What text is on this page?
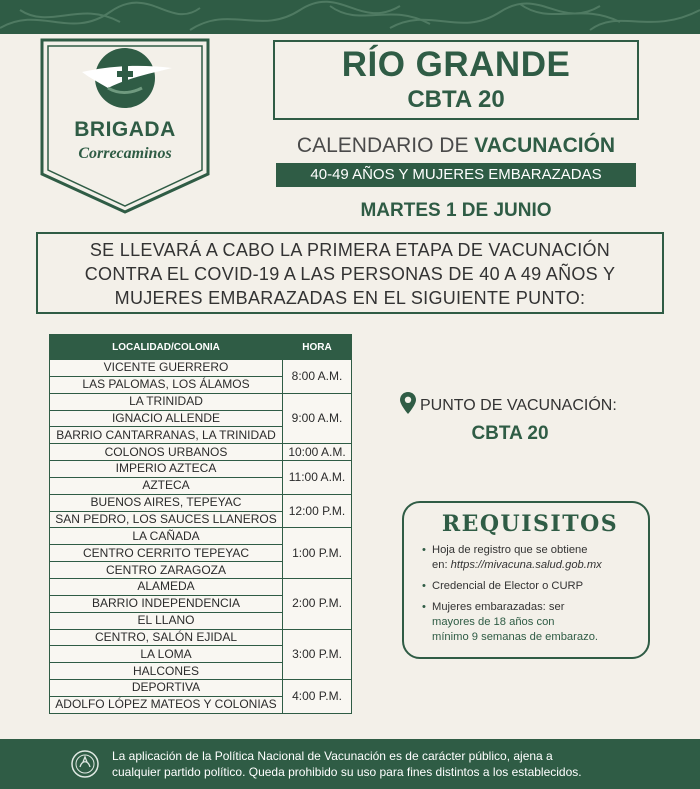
BRIGADA
Correcaminos
RÍO GRANDE
CBTA 20
CALENDARIO DE VACUNACIÓN
40-49 AÑOS Y MUJERES EMBARAZADAS
MARTES 1 DE JUNIO
SE LLEVARÁ A CABO LA PRIMERA ETAPA DE VACUNACIÓN
CONTRA EL COVID-19 A LAS PERSONAS DE 40 A 49 AÑOS Y
MUJERES EMBARAZADAS EN EL SIGUIENTE PUNTO:
LOCALIDAD/COLONIA	HORA
VICENTE GUERRERO	8:00 A.M.
LAS PALOMAS, LOS ÁLAMOS	
LA TRINIDAD	9:00 A.M.
IGNACIO ALLENDE	
BARRIO CANTARRANAS, LA TRINIDAD	
COLONOS URBANOS	10:00 A.M.
IMPERIO AZTECA	11:00 A.M.
AZTECA	
BUENOS AIRES, TEPEYAC	12:00 P.M.
SAN PEDRO, LOS SAUCES LLANEROS	
LA CAÑADA	1:00 P.M.
CENTRO CERRITO TEPEYAC	
CENTRO ZARAGOZA	
ALAMEDA	2:00 P.M.
BARRIO INDEPENDENCIA	
EL LLANO	
CENTRO, SALÓN EJIDAL	3:00 P.M.
LA LOMA	
HALCONES	
DEPORTIVA	4:00 P.M.
ADOLFO LÓPEZ MATEOS Y COLONIAS	
PUNTO DE VACUNACIÓN:
CBTA 20
REQUISITOS
• Hoja de registro que se obtiene
en: https://mivacuna.salud.gob.mx
• Credencial de Elector o CURP
• Mujeres embarazadas: ser
mayores de 18 años con
mínimo 9 semanas de embarazo.
La aplicación de la Política Nacional de Vacunación es de carácter público, ajena a
cualquier partido político. Queda prohibido su uso para fines distintos a los establecidos.
